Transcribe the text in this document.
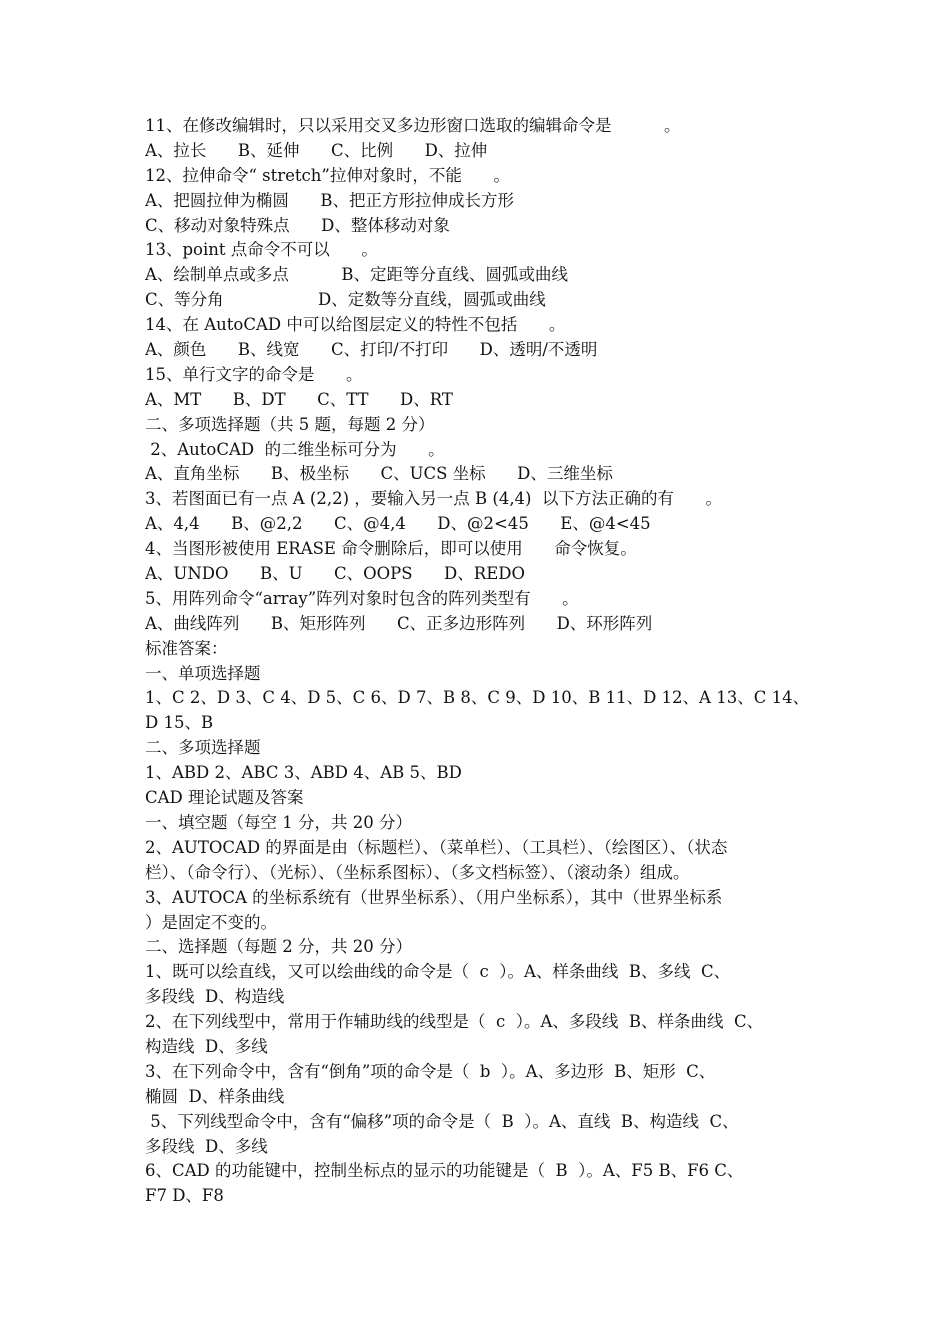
11、在修改编辑时，只以采用交叉多边形窗口选取的编辑命令是          。
A、拉长      B、延伸      C、比例      D、拉伸
12、拉伸命令“ stretch”拉伸对象时，不能      。
A、把圆拉伸为椭圆      B、把正方形拉伸成长方形
C、移动对象特殊点      D、整体移动对象
13、point 点命令不可以      。
A、绘制单点或多点          B、定距等分直线、圆弧或曲线
C、等分角                  D、定数等分直线，圆弧或曲线
14、在 AutoCAD 中可以给图层定义的特性不包括      。
A、颜色      B、线宽      C、打印/不打印      D、透明/不透明
15、单行文字的命令是      。
A、MT      B、DT      C、TT      D、RT
二、多项选择题（共 5 题，每题 2 分）
2、AutoCAD  的二维坐标可分为      。
A、直角坐标      B、极坐标      C、UCS 坐标      D、三维坐标
3、若图面已有一点 A (2,2) ，要输入另一点 B (4,4)  以下方法正确的有      。
A、4,4      B、@2,2      C、@4,4      D、@2<45      E、@4<45
4、当图形被使用 ERASE 命令删除后，即可以使用      命令恢复。
A、UNDO      B、U      C、OOPS      D、REDO
5、用阵列命令“array”阵列对象时包含的阵列类型有      。
A、曲线阵列      B、矩形阵列      C、正多边形阵列      D、环形阵列
标准答案：
一、单项选择题
1、C 2、D 3、C 4、D 5、C 6、D 7、B 8、C 9、D 10、B 11、D 12、A 13、C 14、
D 15、B
二、多项选择题
1、ABD 2、ABC 3、ABD 4、AB 5、BD
CAD 理论试题及答案
一、填空题（每空 1 分，共 20 分）
2、AUTOCAD 的界面是由（标题栏）、（菜单栏）、（工具栏）、（绘图区）、（状态
栏）、（命令行）、（光标）、（坐标系图标）、（多文档标签）、（滚动条）组成。
3、AUTOCA 的坐标系统有（世界坐标系）、（用户坐标系），其中（世界坐标系
）是固定不变的。
二、选择题（每题 2 分，共 20 分）
1、既可以绘直线，又可以绘曲线的命令是（  c  ）。A、样条曲线  B、多线  C、
多段线  D、构造线
2、在下列线型中，常用于作辅助线的线型是（  c  ）。A、多段线  B、样条曲线  C、
构造线  D、多线
3、在下列命令中，含有“倒角”项的命令是（  b  ）。A、多边形  B、矩形  C、
椭圆  D、样条曲线
5、下列线型命令中，含有“偏移”项的命令是（  B  ）。A、直线  B、构造线  C、
多段线  D、多线
6、CAD 的功能键中，控制坐标点的显示的功能键是（  B  ）。A、F5 B、F6 C、
F7 D、F8
